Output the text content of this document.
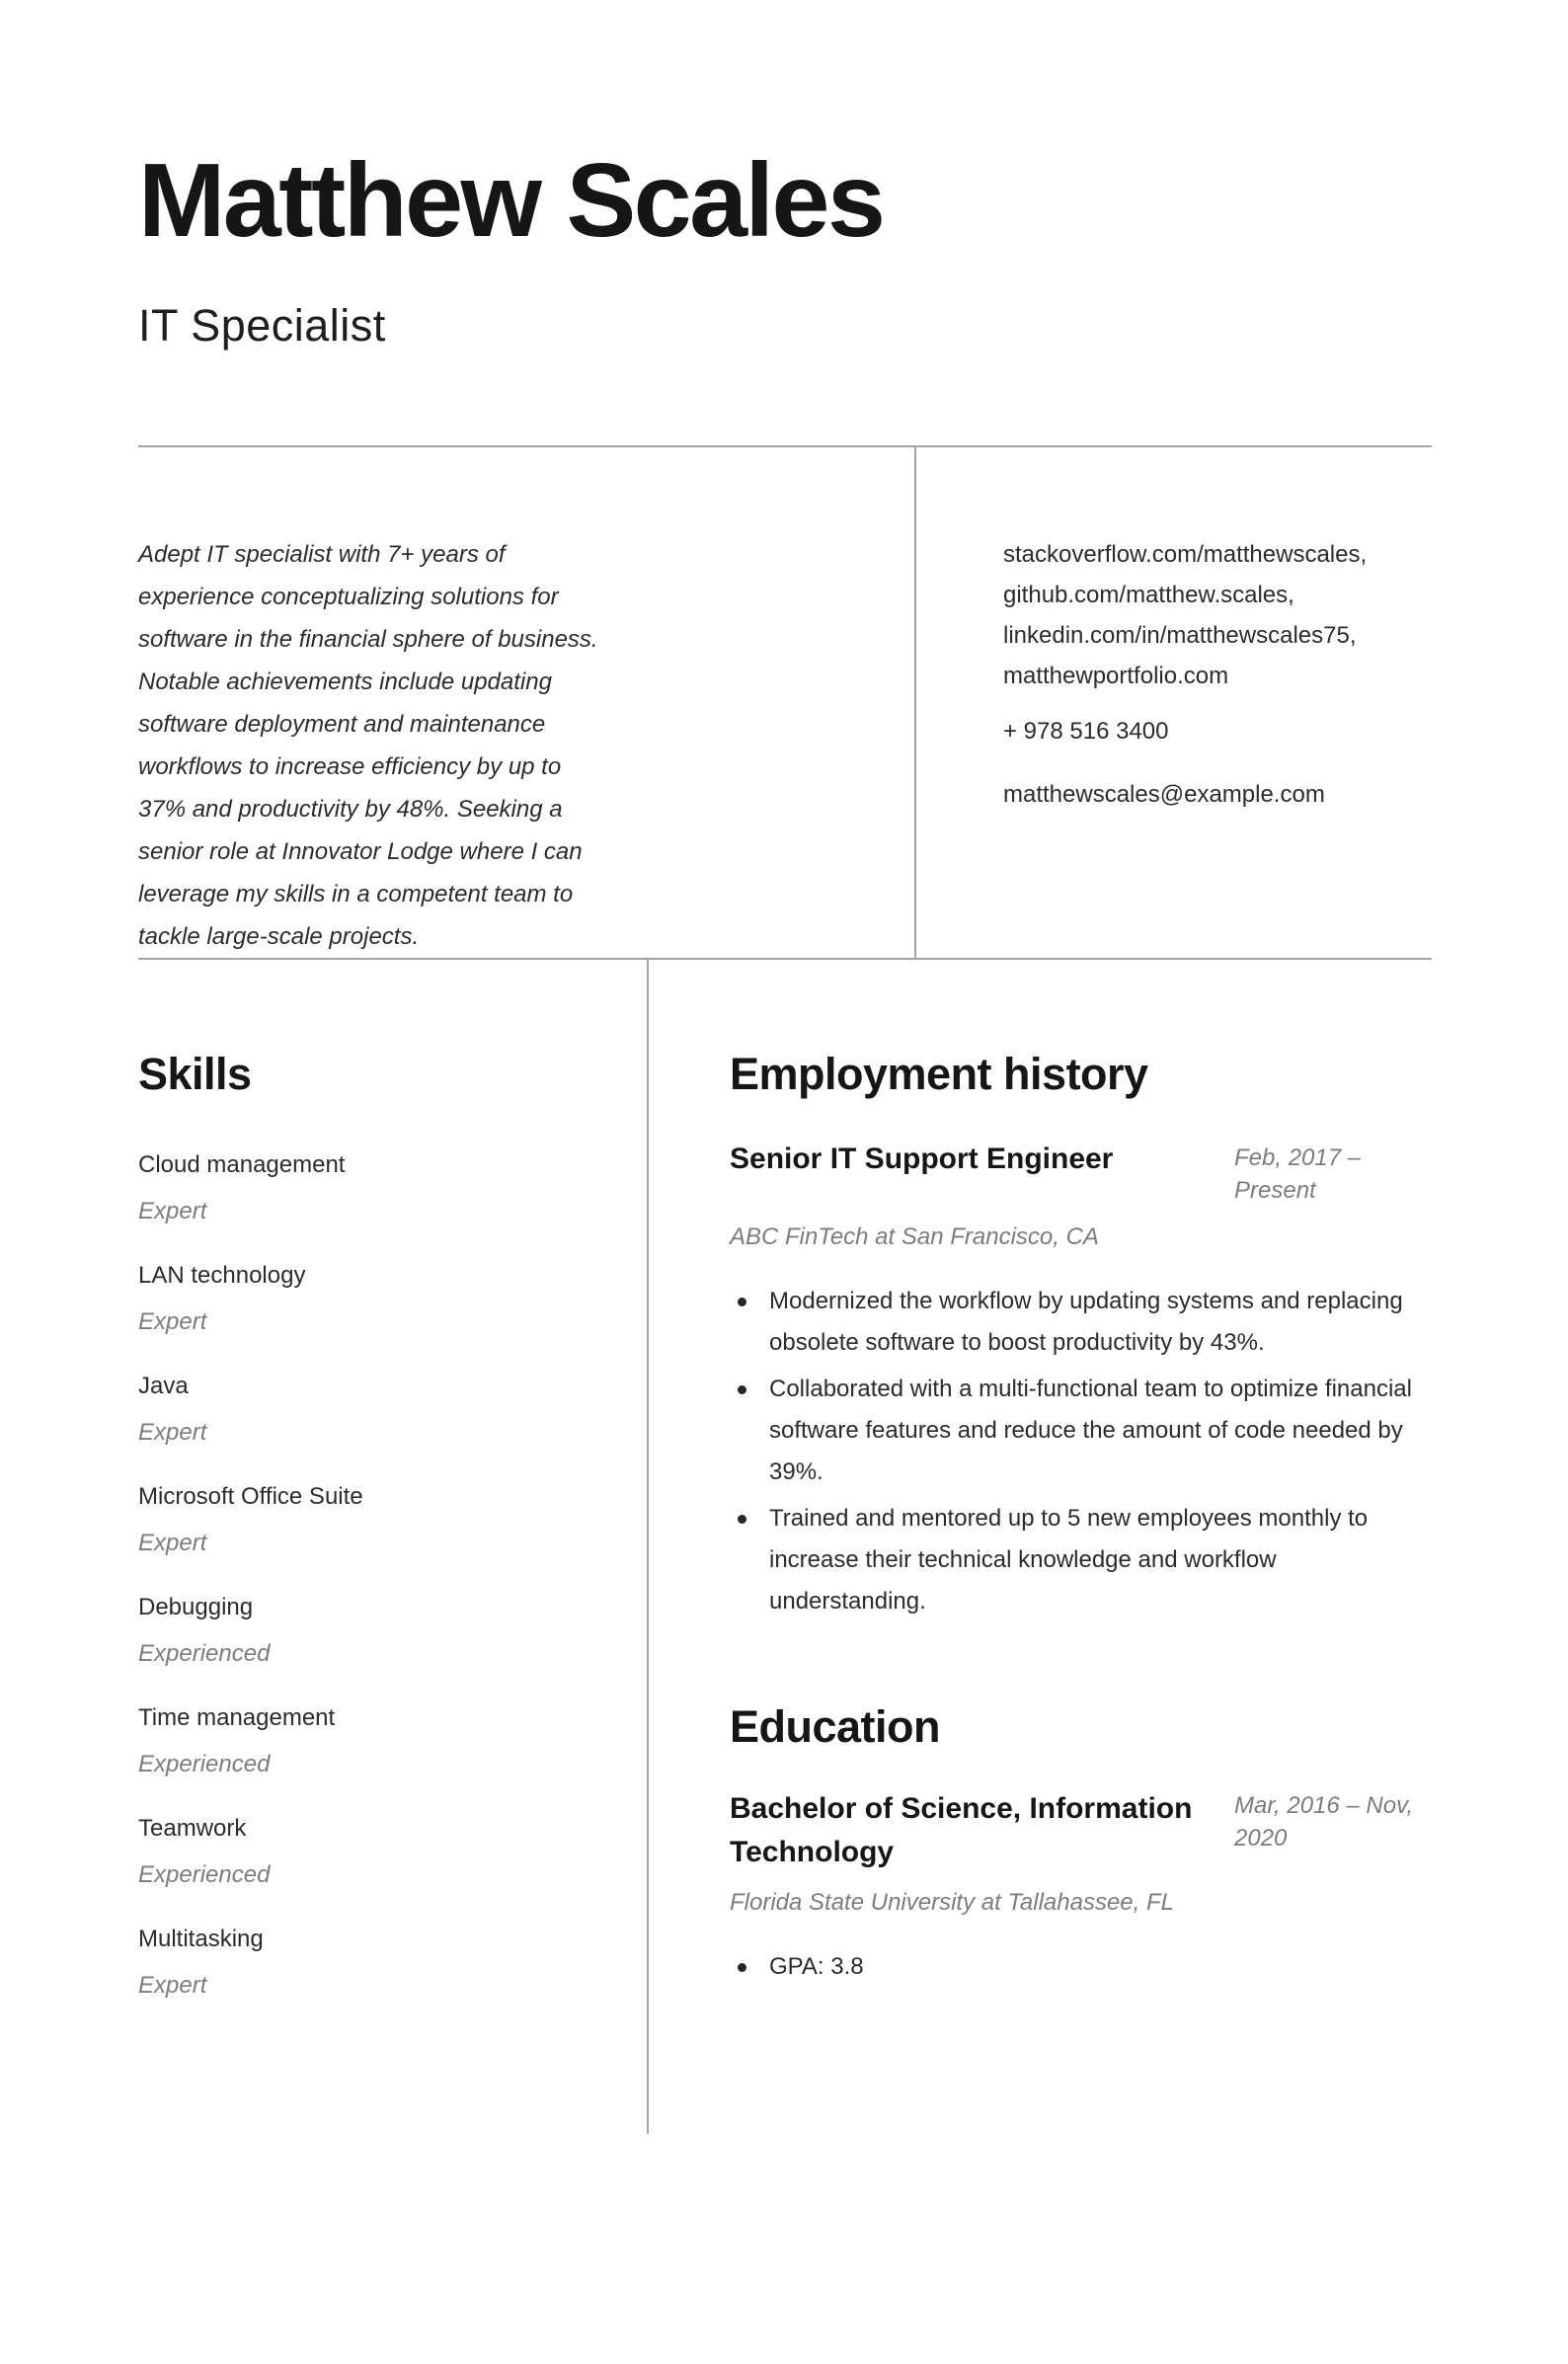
Matthew Scales
IT Specialist

Adept IT specialist with 7+ years of experience conceptualizing solutions for software in the financial sphere of business. Notable achievements include updating software deployment and maintenance workflows to increase efficiency by up to 37% and productivity by 48%. Seeking a senior role at Innovator Lodge where I can leverage my skills in a competent team to tackle large-scale projects.

stackoverflow.com/matthewscales, github.com/matthew.scales, linkedin.com/in/matthewscales75, matthewportfolio.com

+ 978 516 3400

matthewscales@example.com

Skills
Cloud management
Expert
LAN technology
Expert
Java
Expert
Microsoft Office Suite
Expert
Debugging
Experienced
Time management
Experienced
Teamwork
Experienced
Multitasking
Expert
Employment history
Senior IT Support Engineer	Feb, 2017 – Present
ABC FinTech at San Francisco, CA
Modernized the workflow by updating systems and replacing obsolete software to boost productivity by 43%.
Collaborated with a multi-functional team to optimize financial software features and reduce the amount of code needed by 39%.
Trained and mentored up to 5 new employees monthly to increase their technical knowledge and workflow understanding.
Education
Bachelor of Science, Information Technology
Mar, 2016 – Nov, 2020
Florida State University at Tallahassee, FL
GPA: 3.8
